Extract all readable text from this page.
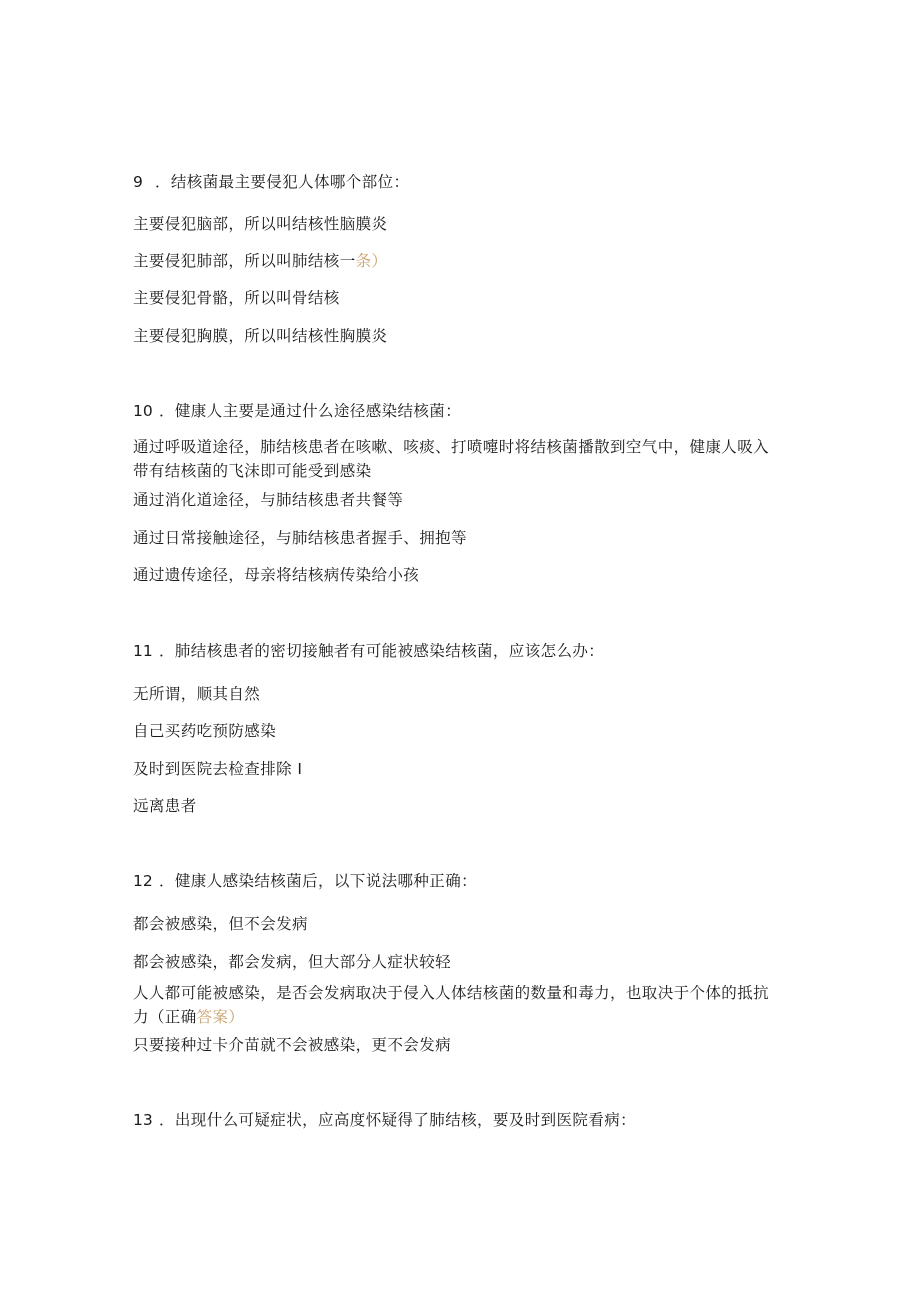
9 ．结核菌最主要侵犯人体哪个部位：
主要侵犯脑部，所以叫结核性脑膜炎
主要侵犯肺部，所以叫肺结核一条）
主要侵犯骨骼，所以叫骨结核
主要侵犯胸膜，所以叫结核性胸膜炎
10 ．健康人主要是通过什么途径感染结核菌：
通过呼吸道途径，肺结核患者在咳嗽、咳痰、打喷嚏时将结核菌播散到空气中，健康人吸入带有结核菌的飞沫即可能受到感染
通过消化道途径，与肺结核患者共餐等
通过日常接触途径，与肺结核患者握手、拥抱等
通过遗传途径，母亲将结核病传染给小孩
11 ．肺结核患者的密切接触者有可能被感染结核菌，应该怎么办：
无所谓，顺其自然
自己买药吃预防感染
及时到医院去检查排除 I
远离患者
12 ．健康人感染结核菌后，以下说法哪种正确：
都会被感染，但不会发病
都会被感染，都会发病，但大部分人症状较轻
人人都可能被感染，是否会发病取决于侵入人体结核菌的数量和毒力，也取决于个体的抵抗力（正确答案）
只要接种过卡介苗就不会被感染，更不会发病
13 ．出现什么可疑症状，应高度怀疑得了肺结核，要及时到医院看病：
